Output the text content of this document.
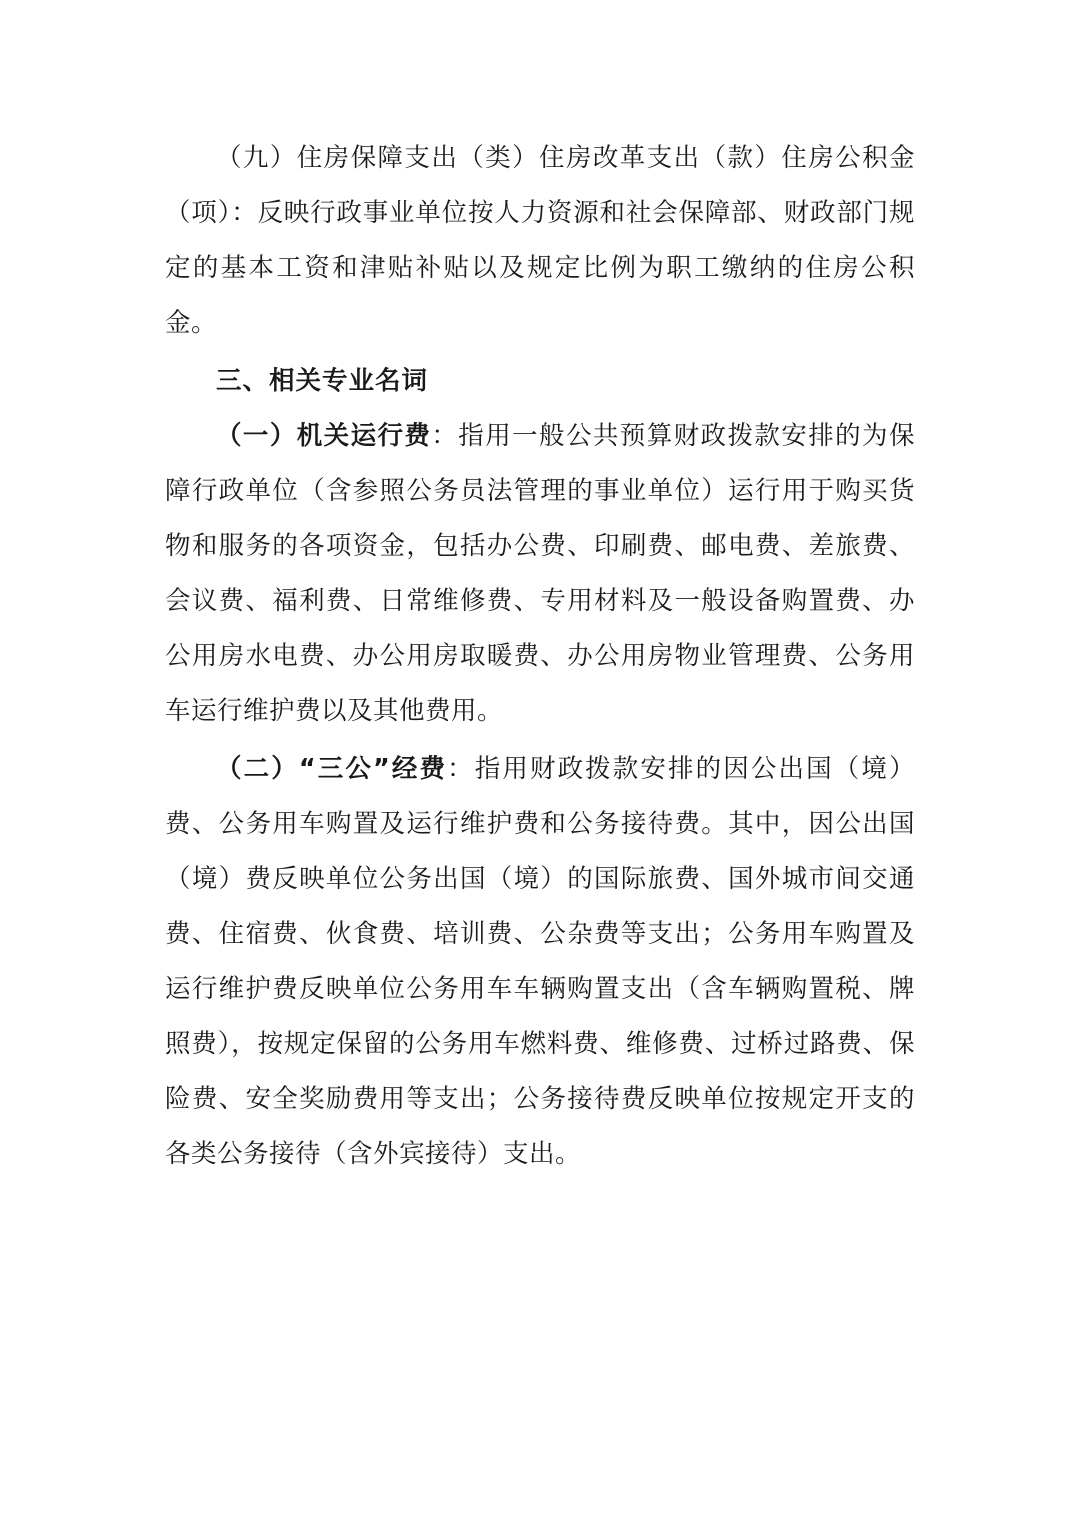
（九）住房保障支出（类）住房改革支出（款）住房公积金（项）：反映行政事业单位按人力资源和社会保障部、财政部门规定的基本工资和津贴补贴以及规定比例为职工缴纳的住房公积金。

三、相关专业名词

（一）机关运行费：指用一般公共预算财政拨款安排的为保障行政单位（含参照公务员法管理的事业单位）运行用于购买货物和服务的各项资金，包括办公费、印刷费、邮电费、差旅费、会议费、福利费、日常维修费、专用材料及一般设备购置费、办公用房水电费、办公用房取暖费、办公用房物业管理费、公务用车运行维护费以及其他费用。

（二）“三公”经费：指用财政拨款安排的因公出国（境）费、公务用车购置及运行维护费和公务接待费。其中，因公出国（境）费反映单位公务出国（境）的国际旅费、国外城市间交通费、住宿费、伙食费、培训费、公杂费等支出；公务用车购置及运行维护费反映单位公务用车车辆购置支出（含车辆购置税、牌照费），按规定保留的公务用车燃料费、维修费、过桥过路费、保险费、安全奖励费用等支出；公务接待费反映单位按规定开支的各类公务接待（含外宾接待）支出。
